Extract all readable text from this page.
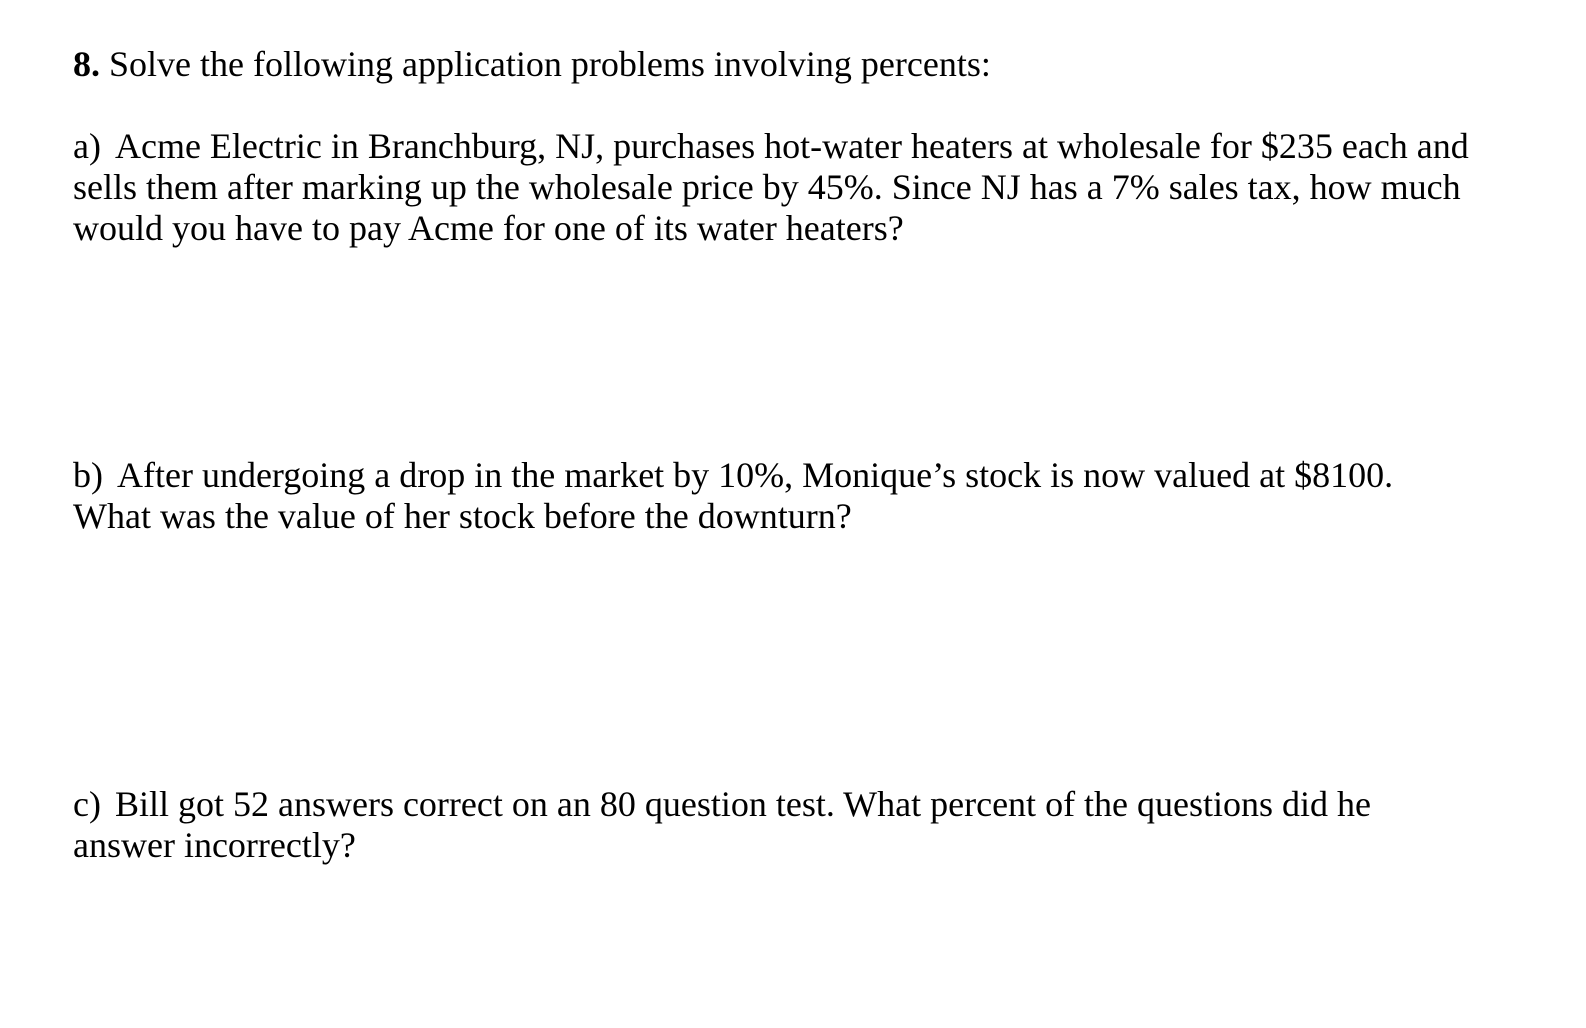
8. Solve the following application problems involving percents:
a) Acme Electric in Branchburg, NJ, purchases hot-water heaters at wholesale for $235 each and
sells them after marking up the wholesale price by 45%. Since NJ has a 7% sales tax, how much
would you have to pay Acme for one of its water heaters?
b) After undergoing a drop in the market by 10%, Monique’s stock is now valued at $8100.
What was the value of her stock before the downturn?
c) Bill got 52 answers correct on an 80 question test. What percent of the questions did he
answer incorrectly?
